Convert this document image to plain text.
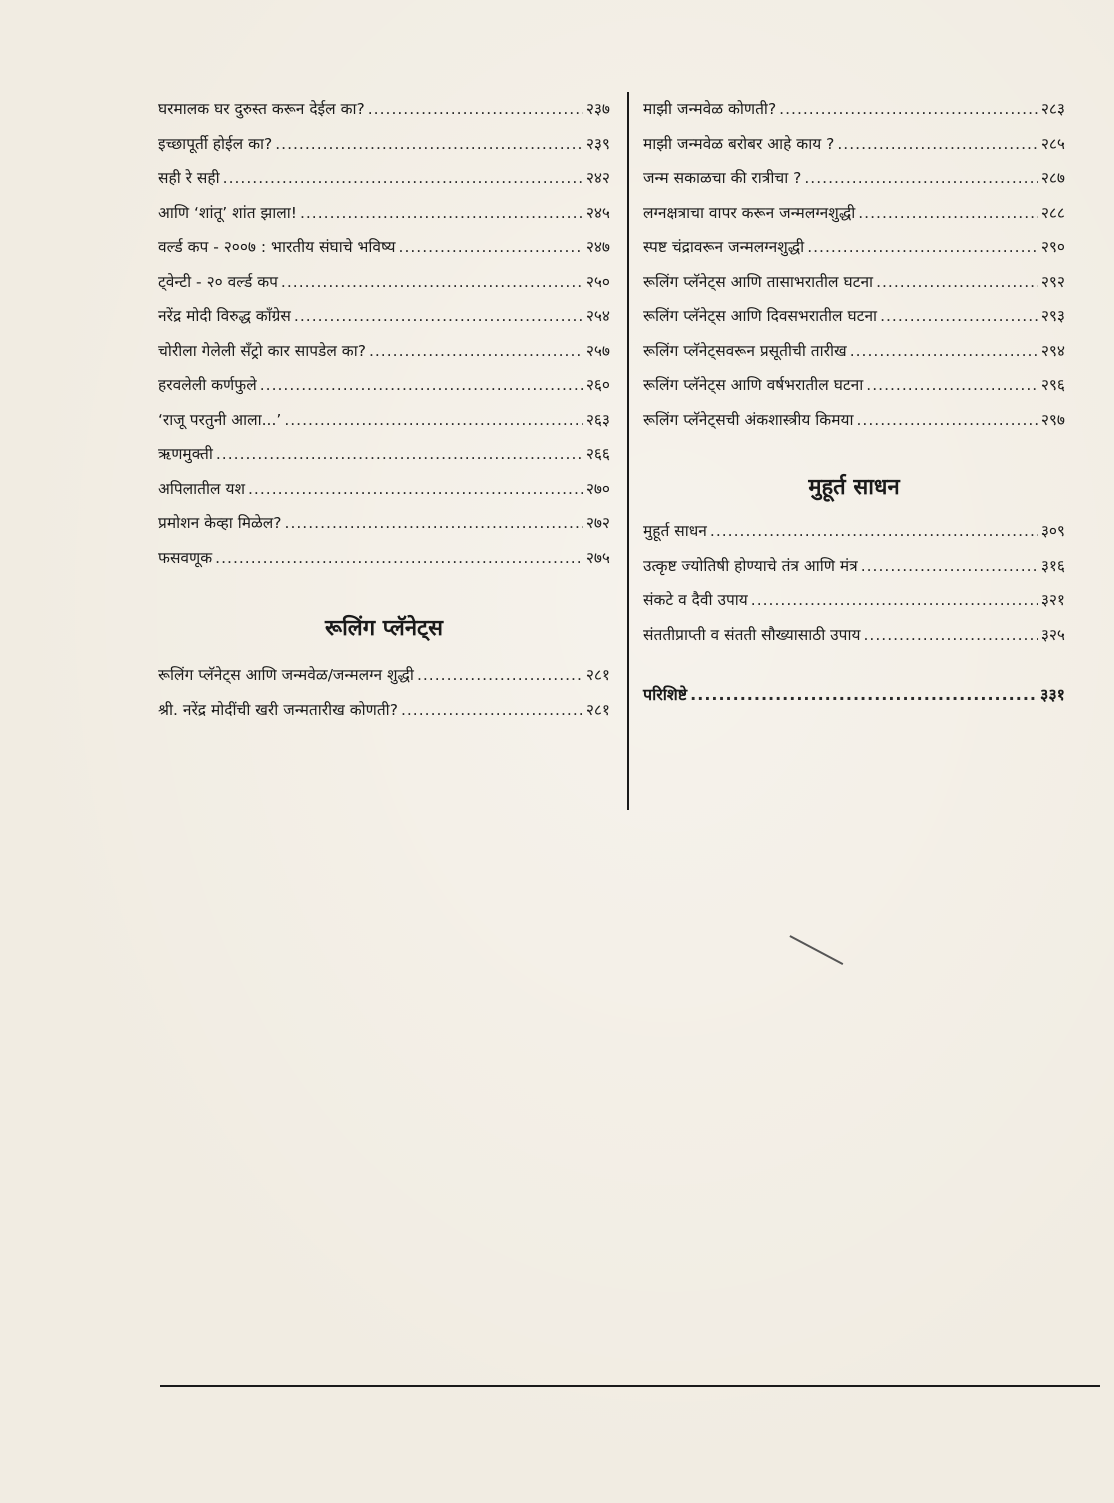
घरमालक घर दुरुस्त करून देईल का? .....	२३७
इच्छापूर्ती होईल का? .....	२३९
सही रे सही .....	२४२
आणि ‘शांतू’ शांत झाला! .....	२४५
वर्ल्ड कप - २००७ : भारतीय संघाचे भविष्य .....	२४७
ट्वेन्टी - २० वर्ल्ड कप .....	२५०
नरेंद्र मोदी विरुद्ध काँग्रेस .....	२५४
चोरीला गेलेली सँट्रो कार सापडेल का? .....	२५७
हरवलेली कर्णफुले .....	२६०
‘राजू परतुनी आला...’ .....	२६३
ऋणमुक्ती .....	२६६
अपिलातील यश .....	२७०
प्रमोशन केव्हा मिळेल? .....	२७२
फसवणूक .....	२७५
रूलिंग प्लॅनेट्स
रूलिंग प्लॅनेट्स आणि जन्मवेळ/जन्मलग्न शुद्धी .....	२८१
श्री. नरेंद्र मोदींची खरी जन्मतारीख कोणती? .....	२८१
माझी जन्मवेळ कोणती? .....	२८३
माझी जन्मवेळ बरोबर आहे काय ? .....	२८५
जन्म सकाळचा की रात्रीचा ? .....	२८७
लग्नक्षत्राचा वापर करून जन्मलग्नशुद्धी .....	२८८
स्पष्ट चंद्रावरून जन्मलग्नशुद्धी .....	२९०
रूलिंग प्लॅनेट्स आणि तासाभरातील घटना .....	२९२
रूलिंग प्लॅनेट्स आणि दिवसभरातील घटना .....	२९३
रूलिंग प्लॅनेट्सवरून प्रसूतीची तारीख .....	२९४
रूलिंग प्लॅनेट्स आणि वर्षभरातील घटना .....	२९६
रूलिंग प्लॅनेट्सची अंकशास्त्रीय किमया .....	२९७
मुहूर्त साधन
मुहूर्त साधन .....	३०९
उत्कृष्ट ज्योतिषी होण्याचे तंत्र आणि मंत्र .....	३१६
संकटे व दैवी उपाय .....	३२१
संततीप्राप्ती व संतती सौख्यासाठी उपाय .....	३२५
परिशिष्टे .....	३३१
